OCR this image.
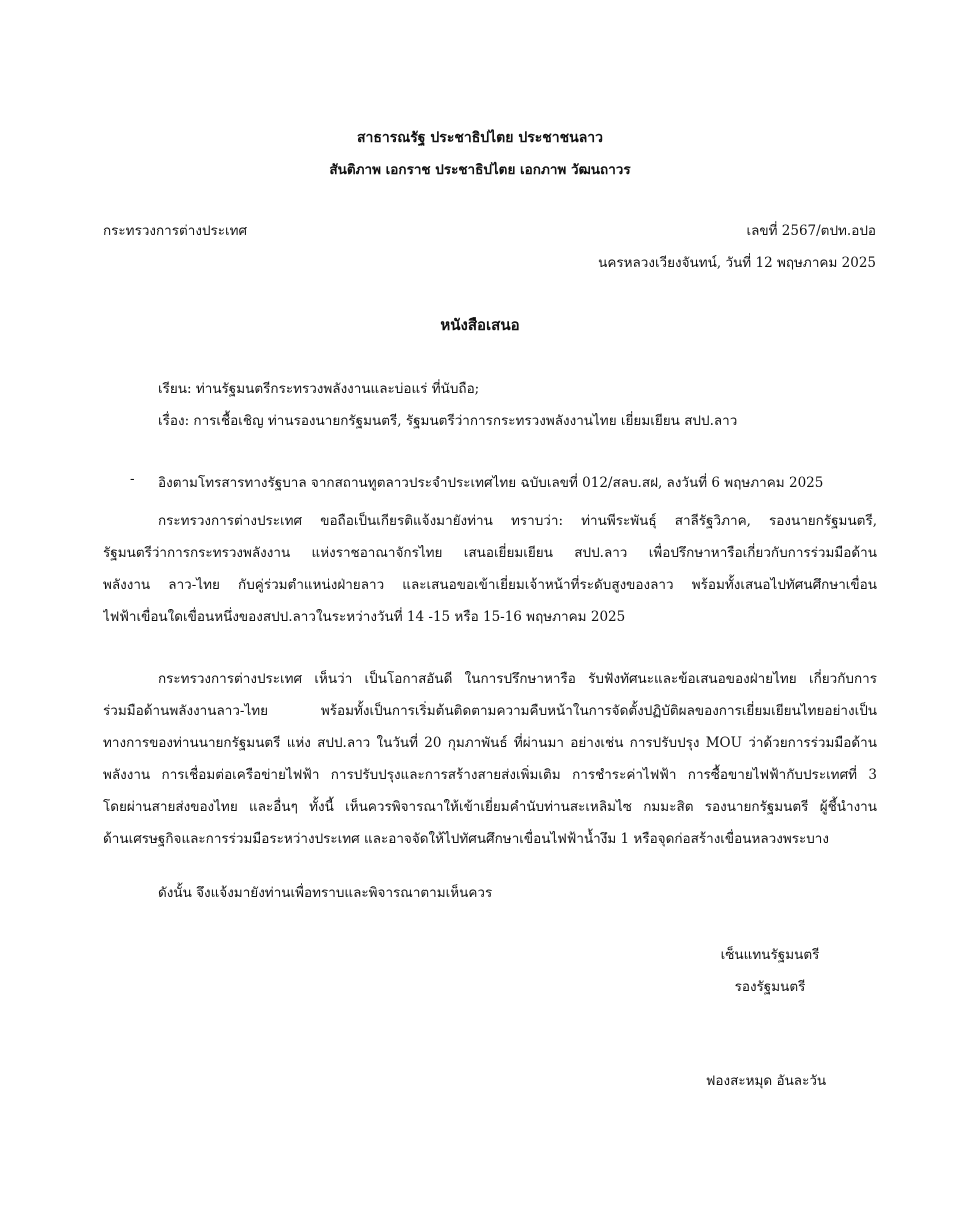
สาธารณรัฐ ประชาธิปไตย ประชาชนลาว
สันติภาพ เอกราช ประชาธิปไตย เอกภาพ วัฒนถาวร
กระทรวงการต่างประเทศ	เลขที่ 2567/ตปท.อปอ
นครหลวงเวียงจันทน์, วันที่ 12 พฤษภาคม 2025
หนังสือเสนอ
เรียน: ท่านรัฐมนตรีกระทรวงพลังงานและบ่อแร่ ที่นับถือ;
เรื่อง: การเชื้อเชิญ ท่านรองนายกรัฐมนตรี, รัฐมนตรีว่าการกระทรวงพลังงานไทย เยี่ยมเยียน สปป.ลาว
- อิงตามโทรสารทางรัฐบาล จากสถานทูตลาวประจำประเทศไทย ฉบับเลขที่ 012/สลบ.สฝ, ลงวันที่ 6 พฤษภาคม 2025
กระทรวงการต่างประเทศ ขอถือเป็นเกียรติแจ้งมายังท่าน ทราบว่า: ท่านพีระพันธุ์ สาลีรัฐวิภาค, รองนายกรัฐมนตรี,
รัฐมนตรีว่าการกระทรวงพลังงาน แห่งราชอาณาจักรไทย เสนอเยี่ยมเยียน สปป.ลาว เพื่อปรึกษาหารือเกี่ยวกับการร่วมมือด้าน
พลังงาน ลาว-ไทย กับคู่ร่วมตำแหน่งฝ่ายลาว และเสนอขอเข้าเยี่ยมเจ้าหน้าที่ระดับสูงของลาว พร้อมทั้งเสนอไปทัศนศึกษาเขื่อน
ไฟฟ้าเขื่อนใดเขื่อนหนึ่งของสปป.ลาวในระหว่างวันที่ 14 -15 หรือ 15-16 พฤษภาคม 2025
กระทรวงการต่างประเทศ เห็นว่า เป็นโอกาสอันดี ในการปรึกษาหารือ รับฟังทัศนะและข้อเสนอของฝ่ายไทย เกี่ยวกับการ
ร่วมมือด้านพลังงานลาว-ไทย พร้อมทั้งเป็นการเริ่มต้นติดตามความคืบหน้าในการจัดตั้งปฏิบัติผลของการเยี่ยมเยียนไทยอย่างเป็น
ทางการของท่านนายกรัฐมนตรี แห่ง สปป.ลาว ในวันที่ 20 กุมภาพันธ์ ที่ผ่านมา อย่างเช่น การปรับปรุง MOU ว่าด้วยการร่วมมือด้าน
พลังงาน การเชื่อมต่อเครือข่ายไฟฟ้า การปรับปรุงและการสร้างสายส่งเพิ่มเติม การชำระค่าไฟฟ้า การซื้อขายไฟฟ้ากับประเทศที่ 3
โดยผ่านสายส่งของไทย และอื่นๆ ทั้งนี้ เห็นควรพิจารณาให้เข้าเยี่ยมคำนับท่านสะเหลิมไซ กมมะสิต รองนายกรัฐมนตรี ผู้ชี้นำงาน
ด้านเศรษฐกิจและการร่วมมือระหว่างประเทศ และอาจจัดให้ไปทัศนศึกษาเขื่อนไฟฟ้าน้ำงึม 1 หรือจุดก่อสร้างเขื่อนหลวงพระบาง
ดังนั้น จึงแจ้งมายังท่านเพื่อทราบและพิจารณาตามเห็นควร
เซ็นแทนรัฐมนตรี
รองรัฐมนตรี
ฟองสะหมุด อันละวัน
